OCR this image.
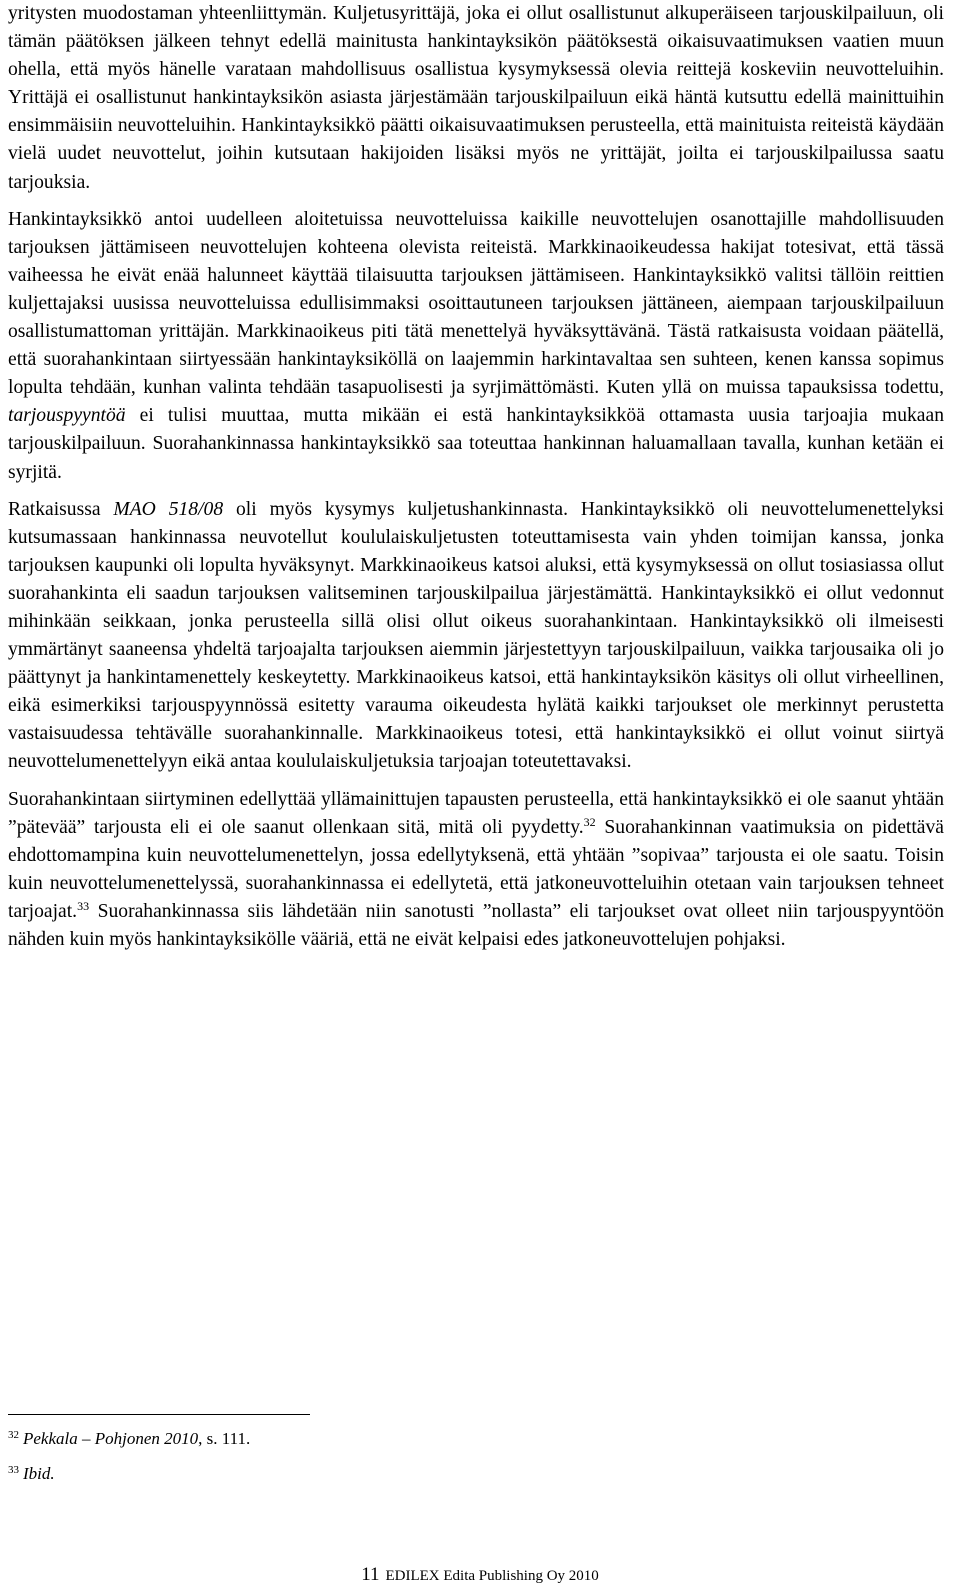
yritysten muodostaman yhteenliittymän. Kuljetusyrittäjä, joka ei ollut osallistunut alkuperäiseen tarjouskilpailuun, oli tämän päätöksen jälkeen tehnyt edellä mainitusta hankintayksikön päätöksestä oikaisuvaatimuksen vaatien muun ohella, että myös hänelle varataan mahdollisuus osallistua kysymyksessä olevia reittejä koskeviin neuvotteluihin. Yrittäjä ei osallistunut hankintayksikön asiasta järjestämään tarjouskilpailuun eikä häntä kutsuttu edellä mainittuihin ensimmäisiin neuvotteluihin. Hankintayksikkö päätti oikaisuvaatimuksen perusteella, että mainituista reiteistä käydään vielä uudet neuvottelut, joihin kutsutaan hakijoiden lisäksi myös ne yrittäjät, joilta ei tarjouskilpailussa saatu tarjouksia.

Hankintayksikkö antoi uudelleen aloitetuissa neuvotteluissa kaikille neuvottelujen osanottajille mahdollisuuden tarjouksen jättämiseen neuvottelujen kohteena olevista reiteistä. Markkinaoikeudessa hakijat totesivat, että tässä vaiheessa he eivät enää halunneet käyttää tilaisuutta tarjouksen jättämiseen. Hankintayksikkö valitsi tällöin reittien kuljettajaksi uusissa neuvotteluissa edullisimmaksi osoittautuneen tarjouksen jättäneen, aiempaan tarjouskilpailuun osallistumattoman yrittäjän. Markkinaoikeus piti tätä menettelyä hyväksyttävänä. Tästä ratkaisusta voidaan päätellä, että suorahankintaan siirtyessään hankintayksiköllä on laajemmin harkintavaltaa sen suhteen, kenen kanssa sopimus lopulta tehdään, kunhan valinta tehdään tasapuolisesti ja syrjimättömästi. Kuten yllä on muissa tapauksissa todettu, tarjouspyyntöä ei tulisi muuttaa, mutta mikään ei estä hankintayksikköä ottamasta uusia tarjoajia mukaan tarjouskilpailuun. Suorahankinnassa hankintayksikkö saa toteuttaa hankinnan haluamallaan tavalla, kunhan ketään ei syrjitä.

Ratkaisussa MAO 518/08 oli myös kysymys kuljetushankinnasta. Hankintayksikkö oli neuvottelumenettelyksi kutsumassaan hankinnassa neuvotellut koululaiskuljetusten toteuttamisesta vain yhden toimijan kanssa, jonka tarjouksen kaupunki oli lopulta hyväksynyt. Markkinaoikeus katsoi aluksi, että kysymyksessä on ollut tosiasiassa ollut suorahankinta eli saadun tarjouksen valitseminen tarjouskilpailua järjestämättä. Hankintayksikkö ei ollut vedonnut mihinkään seikkaan, jonka perusteella sillä olisi ollut oikeus suorahankintaan. Hankintayksikkö oli ilmeisesti ymmärtänyt saaneensa yhdeltä tarjoajalta tarjouksen aiemmin järjestettyyn tarjouskilpailuun, vaikka tarjousaika oli jo päättynyt ja hankintamenettely keskeytetty. Markkinaoikeus katsoi, että hankintayksikön käsitys oli ollut virheellinen, eikä esimerkiksi tarjouspyynnössä esitetty varauma oikeudesta hylätä kaikki tarjoukset ole merkinnyt perustetta vastaisuudessa tehtävälle suorahankinnalle. Markkinaoikeus totesi, että hankintayksikkö ei ollut voinut siirtyä neuvottelumenettelyyn eikä antaa koululaiskuljetuksia tarjoajan toteutettavaksi.

Suorahankintaan siirtyminen edellyttää yllämainittujen tapausten perusteella, että hankintayksikkö ei ole saanut yhtään ”pätevää” tarjousta eli ei ole saanut ollenkaan sitä, mitä oli pyydetty.$^{32}$ Suorahankinnan vaatimuksia on pidettävä ehdottomampina kuin neuvottelumenettelyn, jossa edellytyksenä, että yhtään ”sopivaa” tarjousta ei ole saatu. Toisin kuin neuvottelumenettelyssä, suorahankinnassa ei edellytetä, että jatkoneuvotteluihin otetaan vain tarjouksen tehneet tarjoajat.$^{33}$ Suorahankinnassa siis lähdetään niin sanotusti ”nollasta” eli tarjoukset ovat olleet niin tarjouspyyntöön nähden kuin myös hankintayksikölle vääriä, että ne eivät kelpaisi edes jatkoneuvottelujen pohjaksi.

$^{32}$ Pekkala – Pohjonen 2010, s. 111.

$^{33}$ Ibid.

11 EDILEX Edita Publishing Oy 2010
